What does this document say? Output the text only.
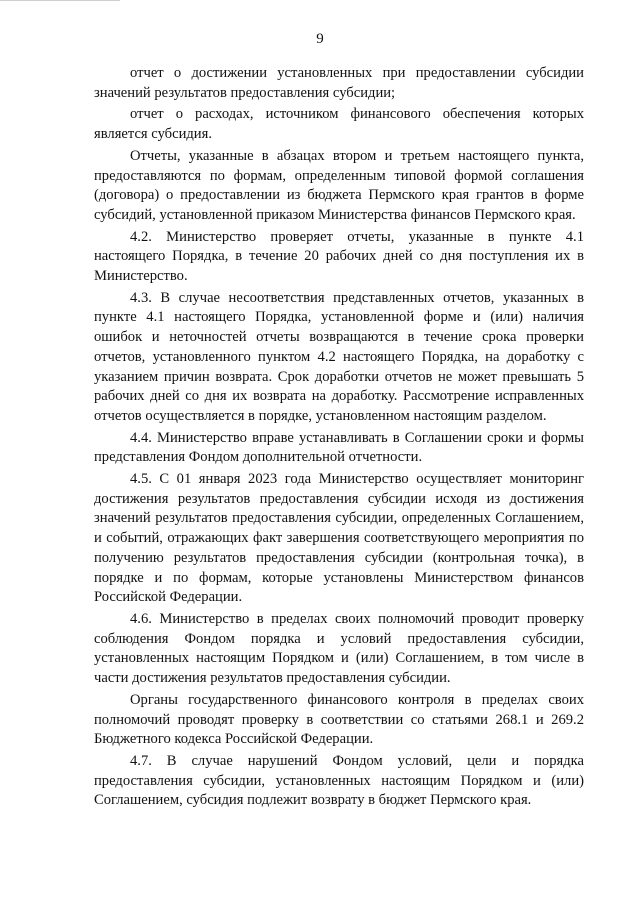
9

отчет о достижении установленных при предоставлении субсидии значений результатов предоставления субсидии;

отчет о расходах, источником финансового обеспечения которых является субсидия.

Отчеты, указанные в абзацах втором и третьем настоящего пункта, предоставляются по формам, определенным типовой формой соглашения (договора) о предоставлении из бюджета Пермского края грантов в форме субсидий, установленной приказом Министерства финансов Пермского края.

4.2. Министерство проверяет отчеты, указанные в пункте 4.1 настоящего Порядка, в течение 20 рабочих дней со дня поступления их в Министерство.

4.3. В случае несоответствия представленных отчетов, указанных в пункте 4.1 настоящего Порядка, установленной форме и (или) наличия ошибок и неточностей отчеты возвращаются в течение срока проверки отчетов, установленного пунктом 4.2 настоящего Порядка, на доработку с указанием причин возврата. Срок доработки отчетов не может превышать 5 рабочих дней со дня их возврата на доработку. Рассмотрение исправленных отчетов осуществляется в порядке, установленном настоящим разделом.

4.4. Министерство вправе устанавливать в Соглашении сроки и формы представления Фондом дополнительной отчетности.

4.5. С 01 января 2023 года Министерство осуществляет мониторинг достижения результатов предоставления субсидии исходя из достижения значений результатов предоставления субсидии, определенных Соглашением, и событий, отражающих факт завершения соответствующего мероприятия по получению результатов предоставления субсидии (контрольная точка), в порядке и по формам, которые установлены Министерством финансов Российской Федерации.

4.6. Министерство в пределах своих полномочий проводит проверку соблюдения Фондом порядка и условий предоставления субсидии, установленных настоящим Порядком и (или) Соглашением, в том числе в части достижения результатов предоставления субсидии.

Органы государственного финансового контроля в пределах своих полномочий проводят проверку в соответствии со статьями 268.1 и 269.2 Бюджетного кодекса Российской Федерации.

4.7. В случае нарушений Фондом условий, цели и порядка предоставления субсидии, установленных настоящим Порядком и (или) Соглашением, субсидия подлежит возврату в бюджет Пермского края.
